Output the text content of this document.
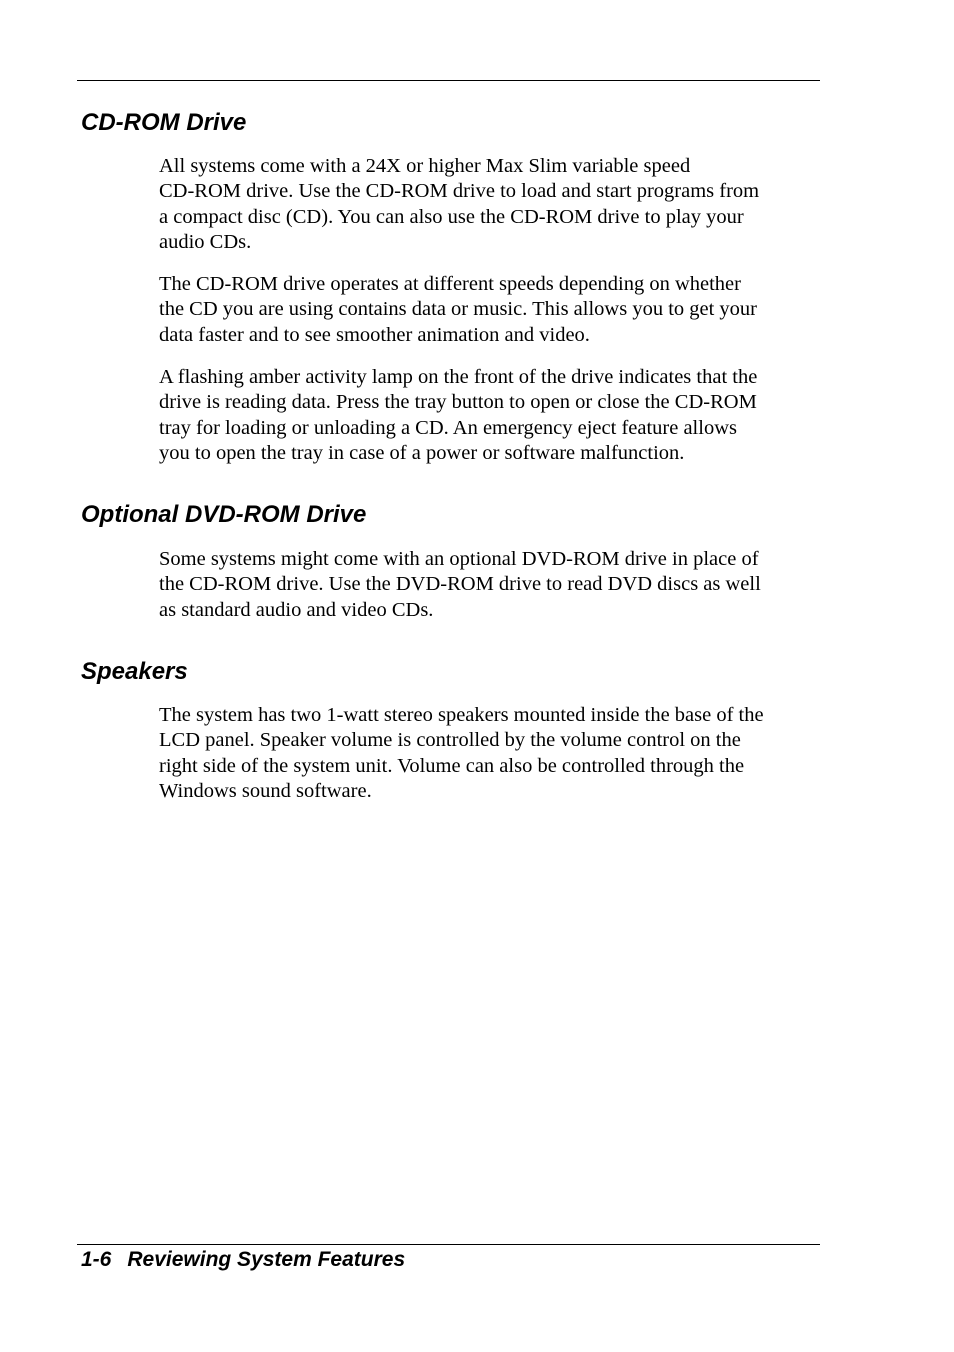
CD-ROM Drive

All systems come with a 24X or higher Max Slim variable speed
CD-ROM drive. Use the CD-ROM drive to load and start programs from
a compact disc (CD). You can also use the CD-ROM drive to play your
audio CDs.

The CD-ROM drive operates at different speeds depending on whether
the CD you are using contains data or music. This allows you to get your
data faster and to see smoother animation and video.

A flashing amber activity lamp on the front of the drive indicates that the
drive is reading data. Press the tray button to open or close the CD-ROM
tray for loading or unloading a CD. An emergency eject feature allows
you to open the tray in case of a power or software malfunction.

Optional DVD-ROM Drive

Some systems might come with an optional DVD-ROM drive in place of
the CD-ROM drive. Use the DVD-ROM drive to read DVD discs as well
as standard audio and video CDs.

Speakers

The system has two 1-watt stereo speakers mounted inside the base of the
LCD panel. Speaker volume is controlled by the volume control on the
right side of the system unit. Volume can also be controlled through the
Windows sound software.

1-6 Reviewing System Features
